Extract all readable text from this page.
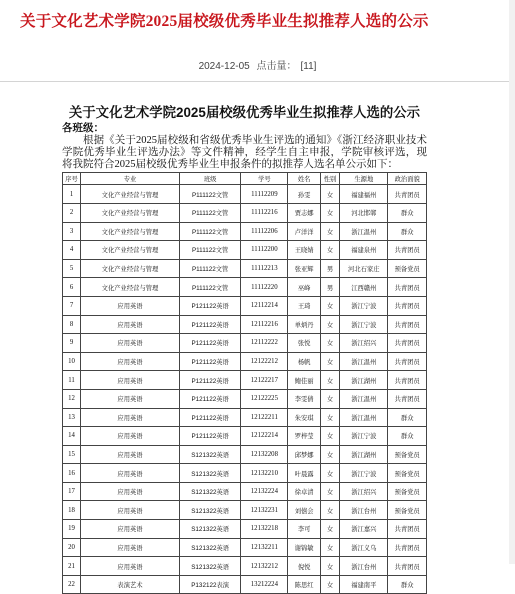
关于文化艺术学院2025届校级优秀毕业生拟推荐人选的公示
2024-12-05 点击量： [11]
关于文化艺术学院2025届校级优秀毕业生拟推荐人选的公示
各班级：
根据《关于2025届校级和省级优秀毕业生评选的通知》《浙江经济职业技术学院优秀毕业生评选办法》等文件精神，经学生自主申报，学院审核评选，现将我院符合2025届校级优秀毕业生申报条件的拟推荐人选名单公示如下：
序号	专业	班级	学号	姓名	性别	生源地	政治面貌
1	文化产业经营与管理	P111122文管	11112209	孙雯	女	福建福州	共青团员
2	文化产业经营与管理	P111122文管	11112216	贾志娜	女	河北邯郸	群众
3	文化产业经营与管理	P111122文管	11112206	卢洋洋	女	浙江温州	群众
4	文化产业经营与管理	P111122文管	11112200	王晓婧	女	福建泉州	共青团员
5	文化产业经营与管理	P111122文管	11112213	张亚辉	男	河北石家庄	预备党员
6	文化产业经营与管理	P111122文管	11112220	巫峰	男	江西赣州	共青团员
7	应用英语	P121122英语	12112214	王琦	女	浙江宁波	共青团员
8	应用英语	P121122英语	12112216	单炳丹	女	浙江宁波	共青团员
9	应用英语	P121122英语	12112222	张悦	女	浙江绍兴	共青团员
10	应用英语	P121122英语	12122212	杨帆	女	浙江温州	共青团员
11	应用英语	P121122英语	12122217	鲍佳丽	女	浙江湖州	共青团员
12	应用英语	P121122英语	12122225	李雯倩	女	浙江温州	共青团员
13	应用英语	P121122英语	12122211	朱安琪	女	浙江温州	群众
14	应用英语	P121122英语	12122214	罗梓莹	女	浙江宁波	群众
15	应用英语	S121322英语	12132208	邱梦娜	女	浙江湖州	预备党员
16	应用英语	S121322英语	12132210	叶晨露	女	浙江宁波	预备党员
17	应用英语	S121322英语	12132224	徐卓清	女	浙江绍兴	预备党员
18	应用英语	S121322英语	12132231	刘僖会	女	浙江台州	预备党员
19	应用英语	S121322英语	12132218	李可	女	浙江嘉兴	共青团员
20	应用英语	S121322英语	12132211	谢锦敏	女	浙江义乌	共青团员
21	应用英语	S121322英语	12132212	倪悦	女	浙江台州	共青团员
22	表演艺术	P132122表演	13212224	陈思红	女	福建南平	群众
